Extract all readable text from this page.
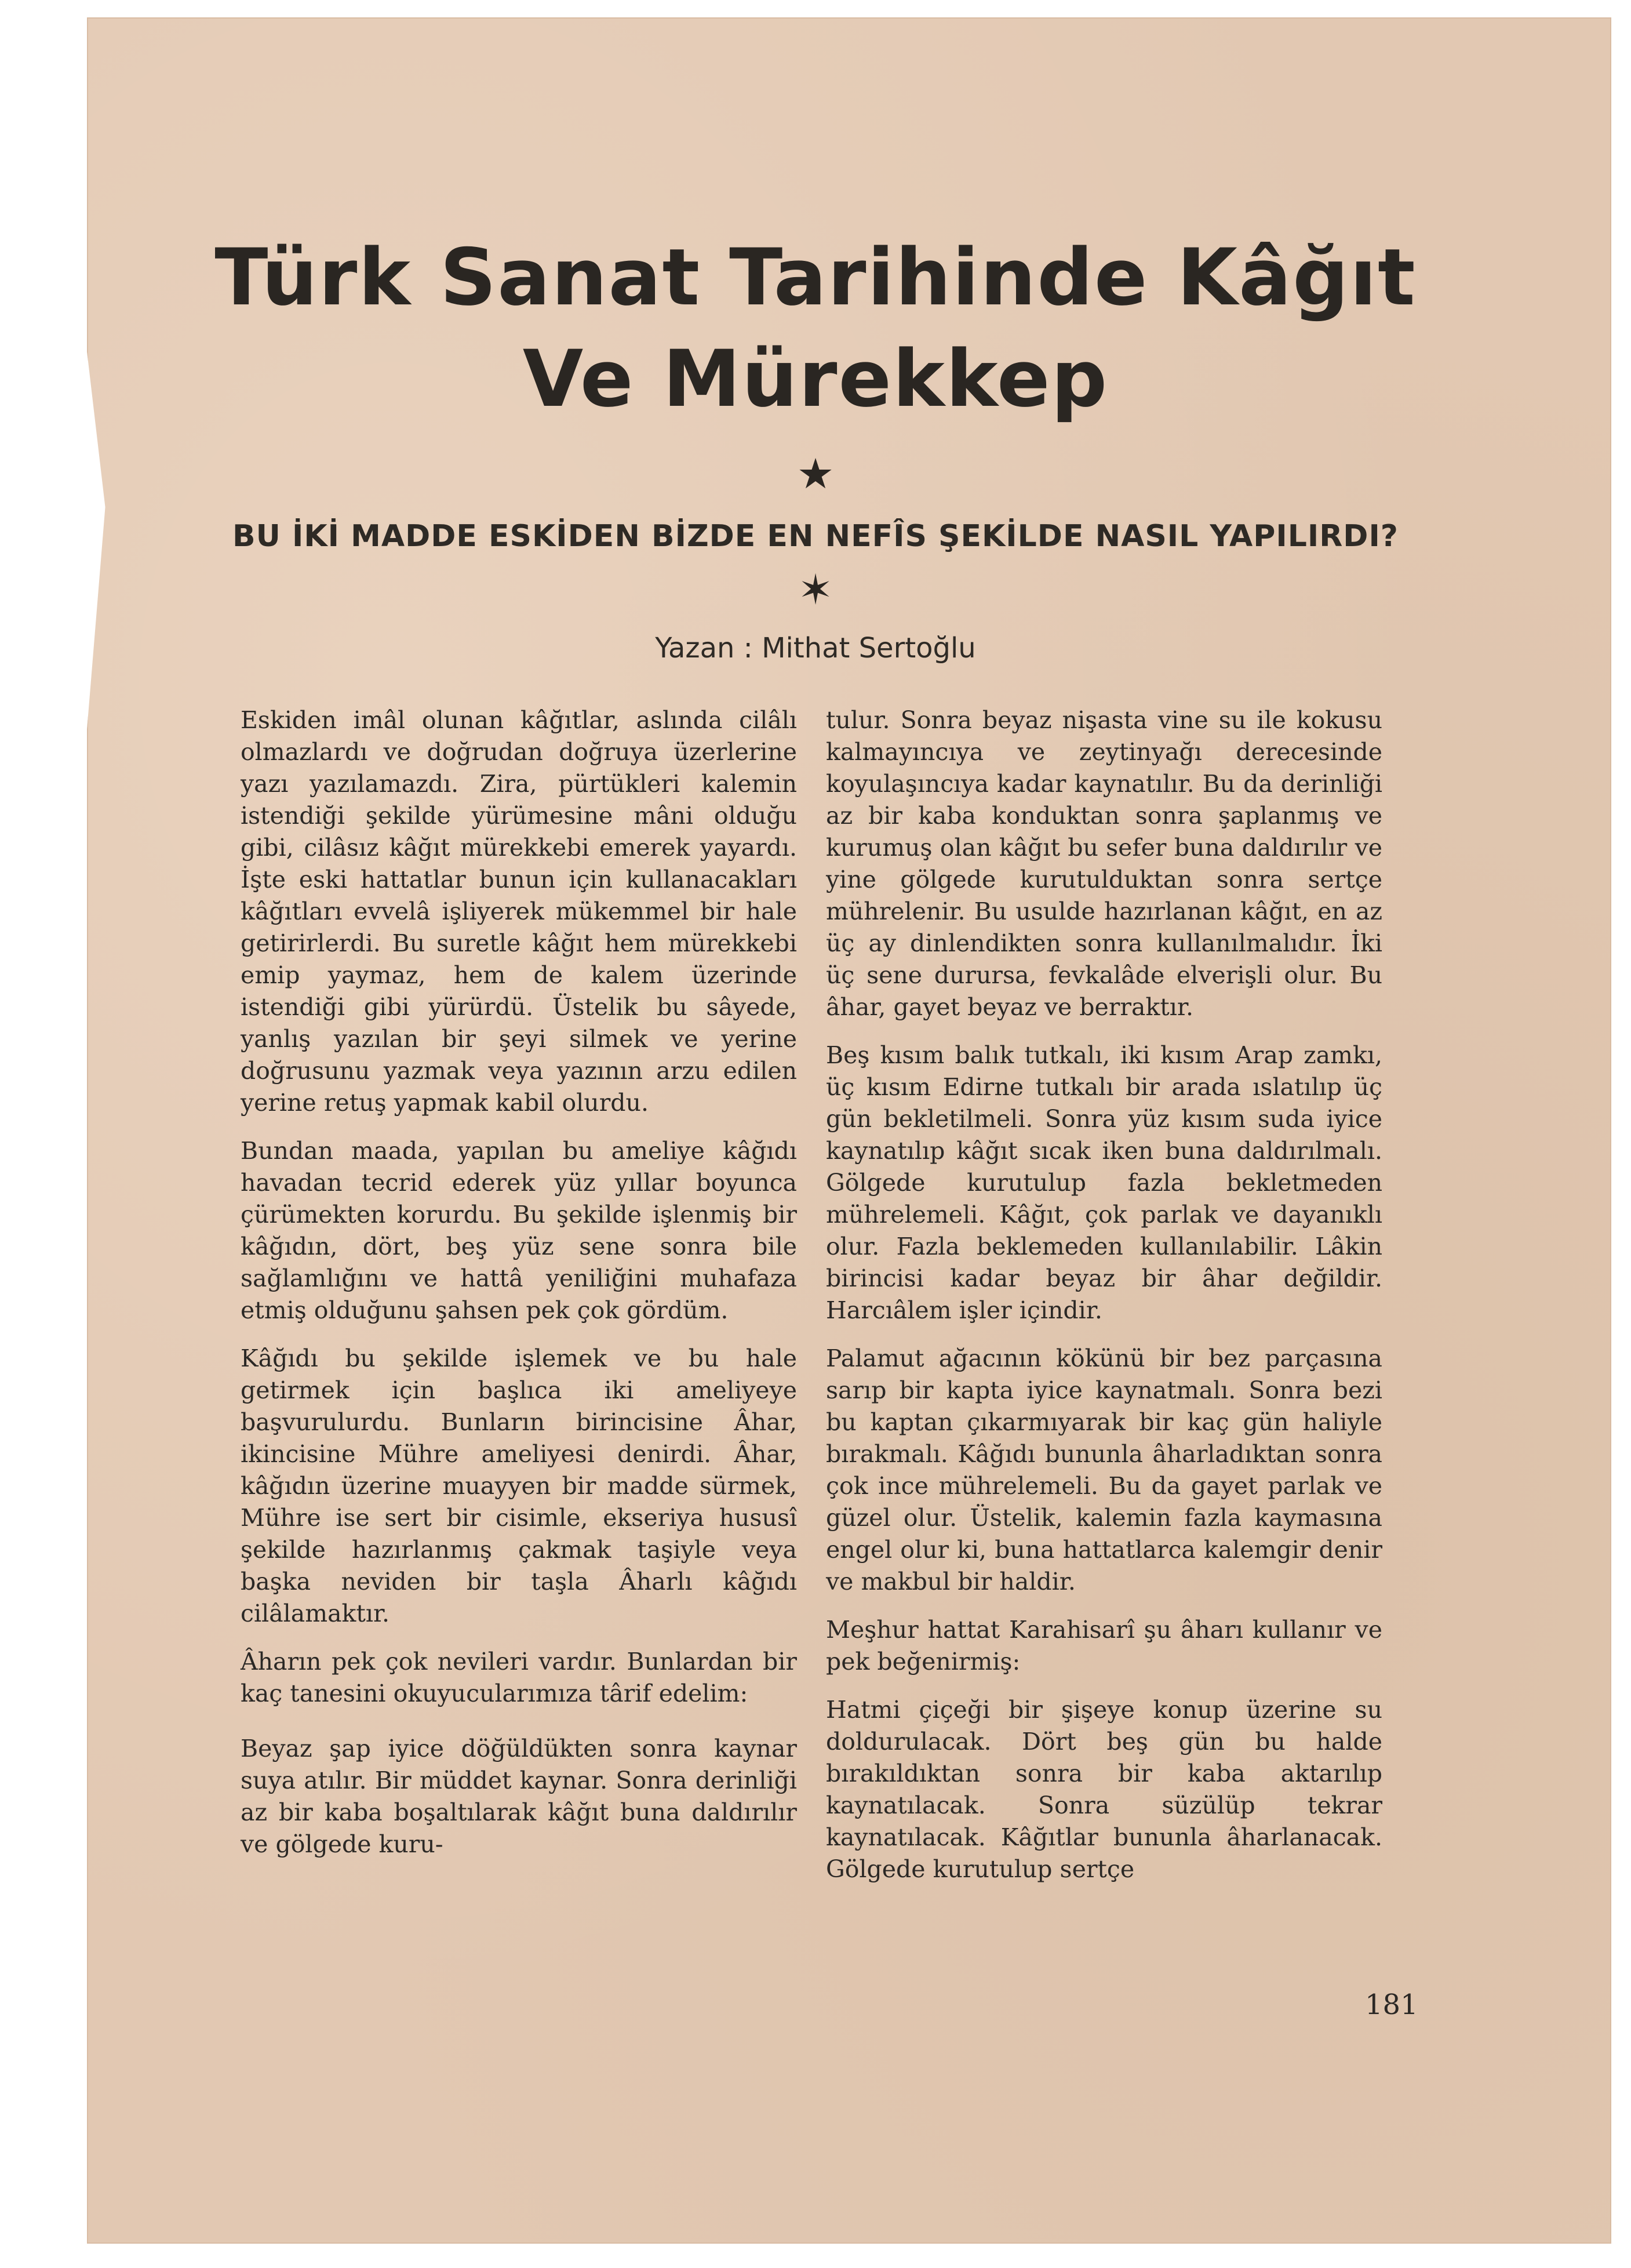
Türk Sanat Tarihinde Kâğıt
Ve Mürekkep
★
BU İKİ MADDE ESKİDEN BİZDE EN NEFÎS ŞEKİLDE NASIL YAPILIRDI?
✶
Yazan : Mithat Sertoğlu

Eskiden imâl olunan kâğıtlar, aslında cilâlı olmazlardı ve doğrudan doğruya üzerlerine yazı yazılamazdı. Zira, pürtükleri kalemin istendiği şekilde yürümesine mâni olduğu gibi, cilâsız kâğıt mürekkebi emerek yayardı. İşte eski hattatlar bunun için kullanacakları kâğıtları evvelâ işliyerek mükemmel bir hale getirirlerdi. Bu suretle kâğıt hem mürekkebi emip yaymaz, hem de kalem üzerinde istendiği gibi yürürdü. Üstelik bu sâyede, yanlış yazılan bir şeyi silmek ve yerine doğrusunu yazmak veya yazının arzu edilen yerine retuş yapmak kabil olurdu.

Bundan maada, yapılan bu ameliye kâğıdı havadan tecrid ederek yüz yıllar boyunca çürümekten korurdu. Bu şekilde işlenmiş bir kâğıdın, dört, beş yüz sene sonra bile sağlamlığını ve hattâ yeniliğini muhafaza etmiş olduğunu şahsen pek çok gördüm.

Kâğıdı bu şekilde işlemek ve bu hale getirmek için başlıca iki ameliyeye başvurulurdu. Bunların birincisine Âhar, ikincisine Mühre ameliyesi denirdi. Âhar, kâğıdın üzerine muayyen bir madde sürmek, Mühre ise sert bir cisimle, ekseriya hususî şekilde hazırlanmış çakmak taşiyle veya başka neviden bir taşla Âharlı kâğıdı cilâlamaktır.

Âharın pek çok nevileri vardır. Bunlardan bir kaç tanesini okuyucularımıza târif edelim:

Beyaz şap iyice döğüldükten sonra kaynar suya atılır. Bir müddet kaynar. Sonra derinliği az bir kaba boşaltılarak kâğıt buna daldırılır ve gölgede kuru-

tulur. Sonra beyaz nişasta vine su ile kokusu kalmayıncıya ve zeytinyağı derecesinde koyulaşıncıya kadar kaynatılır. Bu da derinliği az bir kaba konduktan sonra şaplanmış ve kurumuş olan kâğıt bu sefer buna daldırılır ve yine gölgede kurutulduktan sonra sertçe mührelenir. Bu usulde hazırlanan kâğıt, en az üç ay dinlendikten sonra kullanılmalıdır. İki üç sene durursa, fevkalâde elverişli olur. Bu âhar, gayet beyaz ve berraktır.

Beş kısım balık tutkalı, iki kısım Arap zamkı, üç kısım Edirne tutkalı bir arada ıslatılıp üç gün bekletilmeli. Sonra yüz kısım suda iyice kaynatılıp kâğıt sıcak iken buna daldırılmalı. Gölgede kurutulup fazla bekletmeden mührelemeli. Kâğıt, çok parlak ve dayanıklı olur. Fazla beklemeden kullanılabilir. Lâkin birincisi kadar beyaz bir âhar değildir. Harcıâlem işler içindir.

Palamut ağacının kökünü bir bez parçasına sarıp bir kapta iyice kaynatmalı. Sonra bezi bu kaptan çıkarmıyarak bir kaç gün haliyle bırakmalı. Kâğıdı bununla âharladıktan sonra çok ince mührelemeli. Bu da gayet parlak ve güzel olur. Üstelik, kalemin fazla kaymasına engel olur ki, buna hattatlarca kalemgir denir ve makbul bir haldir.

Meşhur hattat Karahisarî şu âharı kullanır ve pek beğenirmiş:

Hatmi çiçeği bir şişeye konup üzerine su doldurulacak. Dört beş gün bu halde bırakıldıktan sonra bir kaba aktarılıp kaynatılacak. Sonra süzülüp tekrar kaynatılacak. Kâğıtlar bununla âharlanacak. Gölgede kurutulup sertçe

181
